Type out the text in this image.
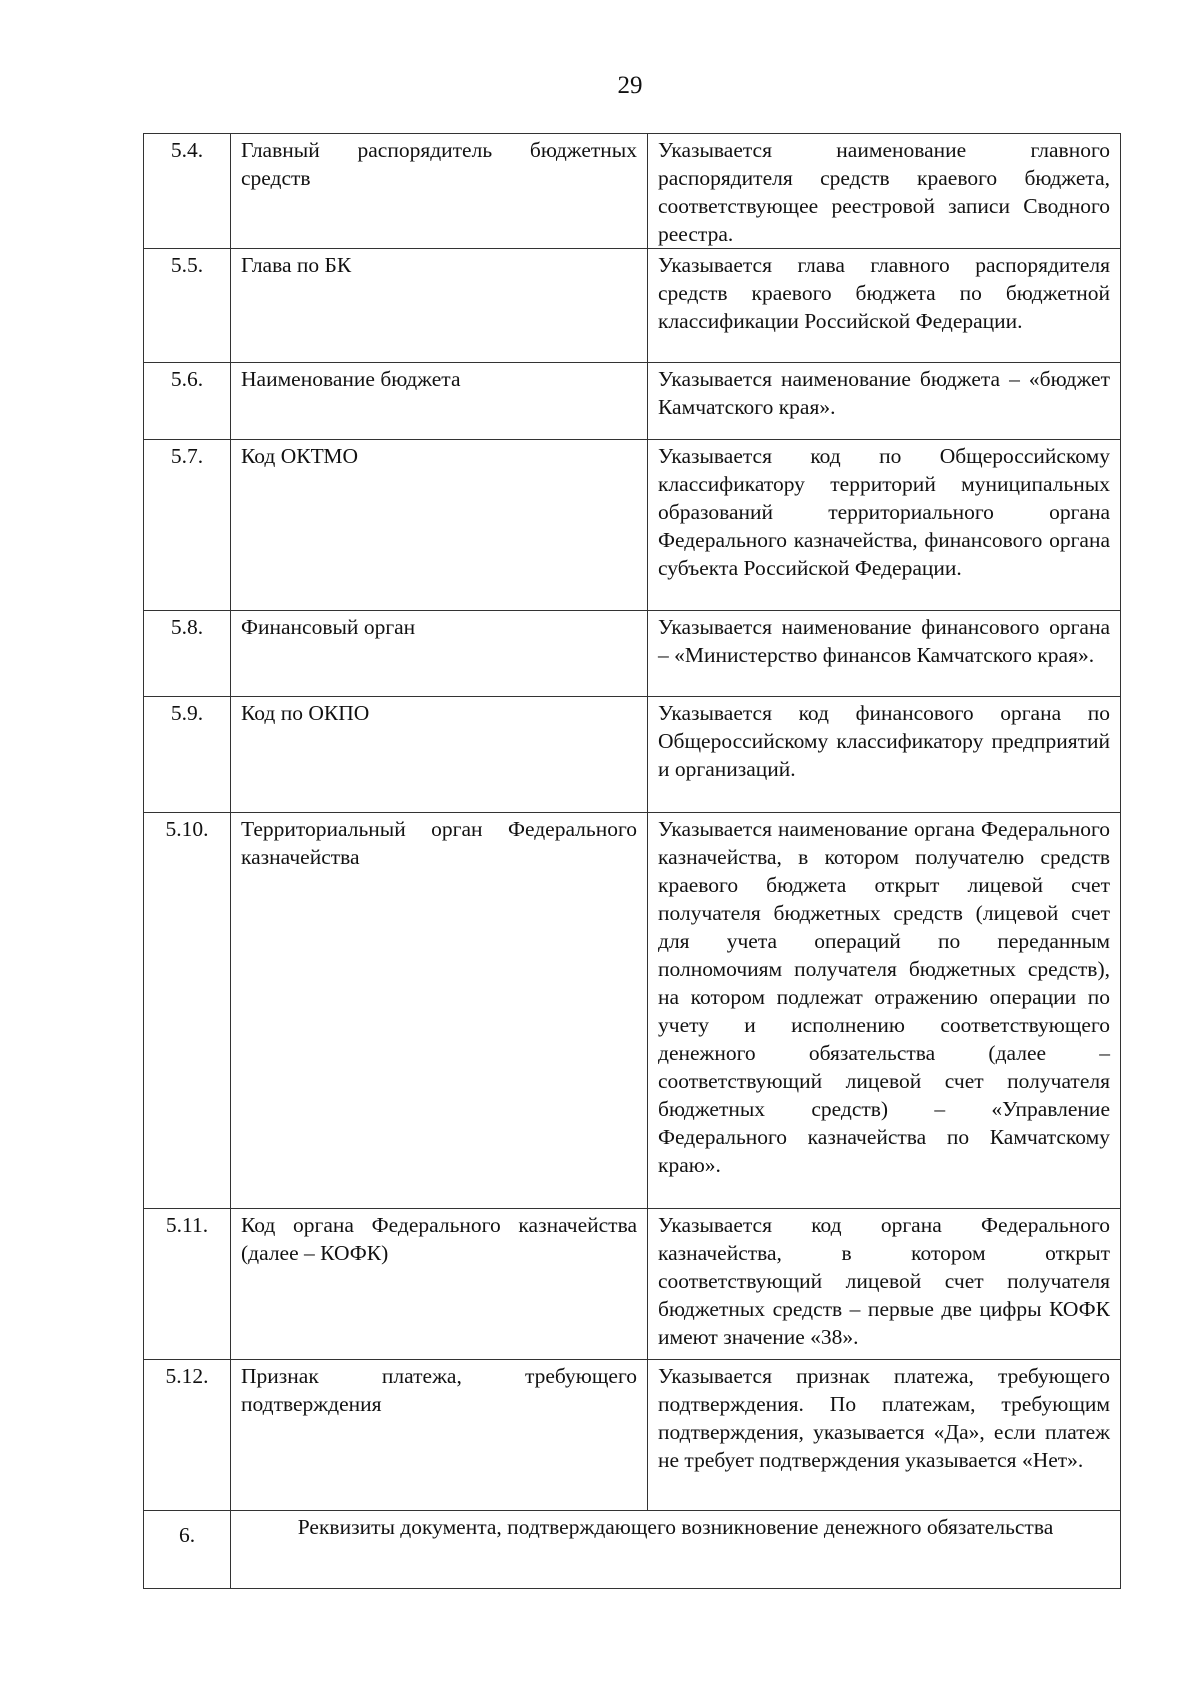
29
5.4.	Главный распорядитель бюджетных средств	Указывается наименование главного распорядителя средств краевого бюджета, соответствующее реестровой записи Сводного реестра.
5.5.	Глава по БК	Указывается глава главного распорядителя средств краевого бюджета по бюджетной классификации Российской Федерации.
5.6.	Наименование бюджета	Указывается наименование бюджета – «бюджет Камчатского края».
5.7.	Код ОКТМО	Указывается код по Общероссийскому классификатору территорий муниципальных образований территориального органа Федерального казначейства, финансового органа субъекта Российской Федерации.
5.8.	Финансовый орган	Указывается наименование финансового органа – «Министерство финансов Камчатского края».
5.9.	Код по ОКПО	Указывается код финансового органа по Общероссийскому классификатору предприятий и организаций.
5.10.	Территориальный орган Федерального казначейства	Указывается наименование органа Федерального казначейства, в котором получателю средств краевого бюджета открыт лицевой счет получателя бюджетных средств (лицевой счет для учета операций по переданным полномочиям получателя бюджетных средств), на котором подлежат отражению операции по учету и исполнению соответствующего денежного обязательства (далее – соответствующий лицевой счет получателя бюджетных средств) – «Управление Федерального казначейства по Камчатскому краю».
5.11.	Код органа Федерального казначейства (далее – КОФК)	Указывается код органа Федерального казначейства, в котором открыт соответствующий лицевой счет получателя бюджетных средств – первые две цифры КОФК имеют значение «38».
5.12.	Признак платежа, требующего подтверждения	Указывается признак платежа, требующего подтверждения. По платежам, требующим подтверждения, указывается «Да», если платеж не требует подтверждения указывается «Нет».
6.	Реквизиты документа, подтверждающего возникновение денежного обязательства	
